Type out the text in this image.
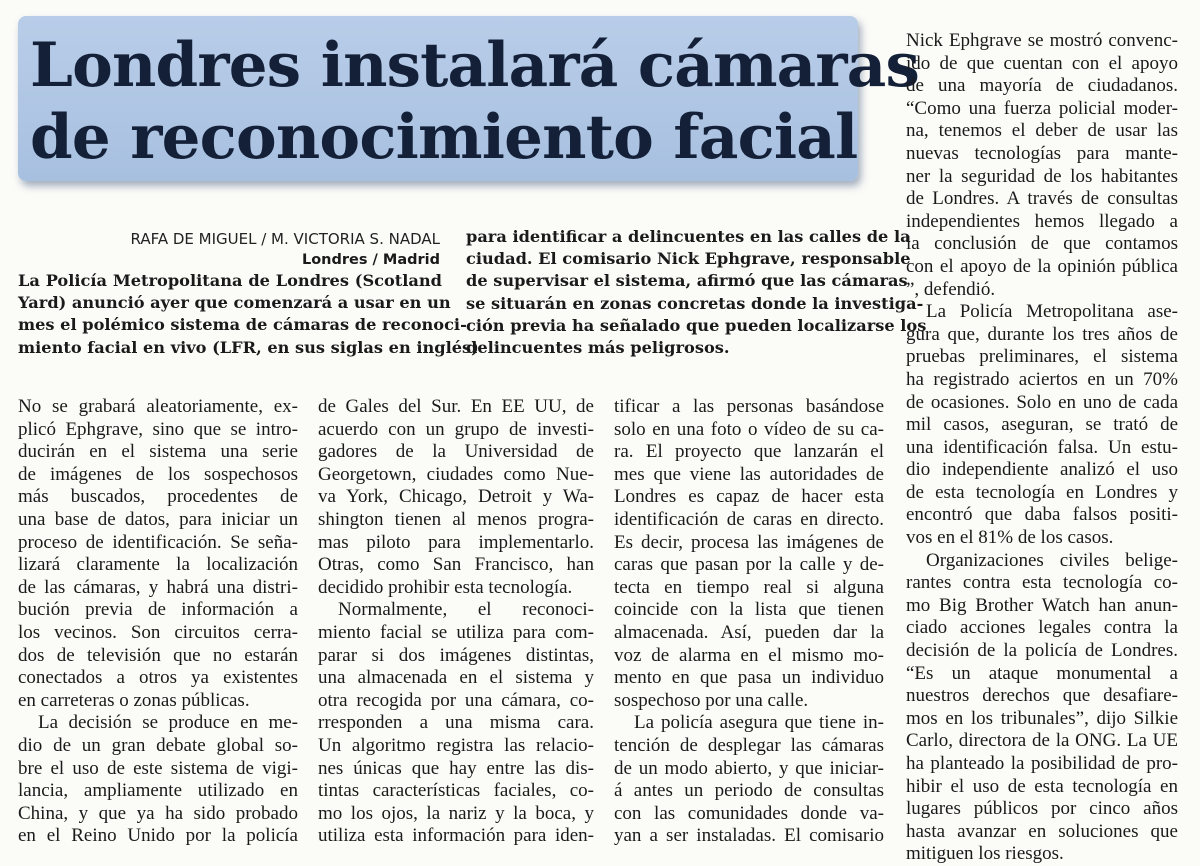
Londres instalará cámaras
de reconocimiento facial
RAFA DE MIGUEL / M. VICTORIA S. NADAL
Londres / Madrid
La Policía Metropolitana de Londres (Scotland
Yard) anunció ayer que comenzará a usar en un
mes el polémico sistema de cámaras de reconoci-
miento facial en vivo (LFR, en sus siglas en inglés)
para identificar a delincuentes en las calles de la
ciudad. El comisario Nick Ephgrave, responsable
de supervisar el sistema, afirmó que las cámaras
se situarán en zonas concretas donde la investiga-
ción previa ha señalado que pueden localizarse los
delincuentes más peligrosos.
No se grabará aleatoriamente, ex-
plicó Ephgrave, sino que se intro-
ducirán en el sistema una serie
de imágenes de los sospechosos
más buscados, procedentes de
una base de datos, para iniciar un
proceso de identificación. Se seña-
lizará claramente la localización
de las cámaras, y habrá una distri-
bución previa de información a
los vecinos. Son circuitos cerra-
dos de televisión que no estarán
conectados a otros ya existentes
en carreteras o zonas públicas.
La decisión se produce en me-
dio de un gran debate global so-
bre el uso de este sistema de vigi-
lancia, ampliamente utilizado en
China, y que ya ha sido probado
en el Reino Unido por la policía
de Gales del Sur. En EE UU, de
acuerdo con un grupo de investi-
gadores de la Universidad de
Georgetown, ciudades como Nue-
va York, Chicago, Detroit y Wa-
shington tienen al menos progra-
mas piloto para implementarlo.
Otras, como San Francisco, han
decidido prohibir esta tecnología.
Normalmente, el reconoci-
miento facial se utiliza para com-
parar si dos imágenes distintas,
una almacenada en el sistema y
otra recogida por una cámara, co-
rresponden a una misma cara.
Un algoritmo registra las relacio-
nes únicas que hay entre las dis-
tintas características faciales, co-
mo los ojos, la nariz y la boca, y
utiliza esta información para iden-
tificar a las personas basándose
solo en una foto o vídeo de su ca-
ra. El proyecto que lanzarán el
mes que viene las autoridades de
Londres es capaz de hacer esta
identificación de caras en directo.
Es decir, procesa las imágenes de
caras que pasan por la calle y de-
tecta en tiempo real si alguna
coincide con la lista que tienen
almacenada. Así, pueden dar la
voz de alarma en el mismo mo-
mento en que pasa un individuo
sospechoso por una calle.
La policía asegura que tiene in-
tención de desplegar las cámaras
de un modo abierto, y que iniciar-
á antes un periodo de consultas
con las comunidades donde va-
yan a ser instaladas. El comisario
Nick Ephgrave se mostró convenc-
ido de que cuentan con el apoyo
de una mayoría de ciudadanos.
“Como una fuerza policial moder-
na, tenemos el deber de usar las
nuevas tecnologías para mante-
ner la seguridad de los habitantes
de Londres. A través de consultas
independientes hemos llegado a
la conclusión de que contamos
con el apoyo de la opinión pública
”, defendió.
La Policía Metropolitana ase-
gura que, durante los tres años de
pruebas preliminares, el sistema
ha registrado aciertos en un 70%
de ocasiones. Solo en uno de cada
mil casos, aseguran, se trató de
una identificación falsa. Un estu-
dio independiente analizó el uso
de esta tecnología en Londres y
encontró que daba falsos positi-
vos en el 81% de los casos.
Organizaciones civiles belige-
rantes contra esta tecnología co-
mo Big Brother Watch han anun-
ciado acciones legales contra la
decisión de la policía de Londres.
“Es un ataque monumental a
nuestros derechos que desafiare-
mos en los tribunales”, dijo Silkie
Carlo, directora de la ONG. La UE
ha planteado la posibilidad de pro-
hibir el uso de esta tecnología en
lugares públicos por cinco años
hasta avanzar en soluciones que
mitiguen los riesgos.
